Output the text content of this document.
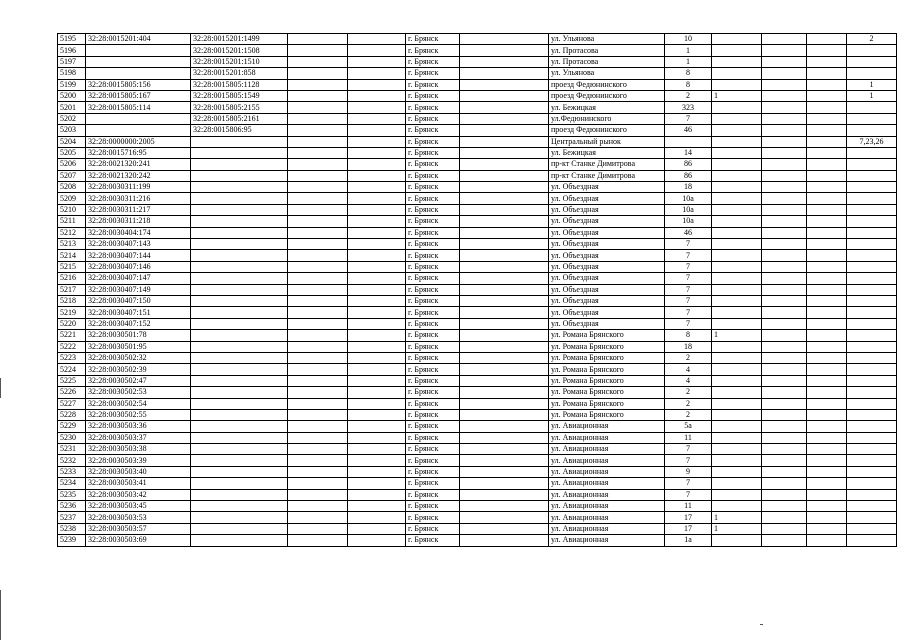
5195	32:28:0015201:404	32:28:0015201:1499			г. Брянск		ул. Ульянова	10				2
5196		32:28:0015201:1508			г. Брянск		ул. Протасова	1				
5197		32:28:0015201:1510			г. Брянск		ул. Протасова	1				
5198		32:28:0015201:858			г. Брянск		ул. Ульянова	8				
5199	32:28:0015805:156	32:28:0015805:1128			г. Брянск		проезд Федюнинского	8				1
5200	32:28:0015805:167	32:28:0015805:1549			г. Брянск		проезд Федюнинского	2	1			1
5201	32:28:0015805:114	32:28:0015805:2155			г. Брянск		ул. Бежицкая	323				
5202		32:28:0015805:2161			г. Брянск		ул.Федюнинского	7				
5203		32:28:0015806:95			г. Брянск		проезд Федюнинского	46				
5204	32:28:0000000:2005				г. Брянск		Центральный рынок					7,23,26
5205	32:28:0015716:95				г. Брянск		ул. Бежицкая	14				
5206	32:28:0021320:241				г. Брянск		пр-кт Станке Димитрова	86				
5207	32:28:0021320:242				г. Брянск		пр-кт Станке Димитрова	86				
5208	32:28:0030311:199				г. Брянск		ул. Объездная	18				
5209	32:28:0030311:216				г. Брянск		ул. Объездная	10а				
5210	32:28:0030311:217				г. Брянск		ул. Объездная	10а				
5211	32:28:0030311:218				г. Брянск		ул. Объездная	10а				
5212	32:28:0030404:174				г. Брянск		ул. Объездная	46				
5213	32:28:0030407:143				г. Брянск		ул. Объездная	7				
5214	32:28:0030407:144				г. Брянск		ул. Объездная	7				
5215	32:28:0030407:146				г. Брянск		ул. Объездная	7				
5216	32:28:0030407:147				г. Брянск		ул. Объездная	7				
5217	32:28:0030407:149				г. Брянск		ул. Объездная	7				
5218	32:28:0030407:150				г. Брянск		ул. Объездная	7				
5219	32:28:0030407:151				г. Брянск		ул. Объездная	7				
5220	32:28:0030407:152				г. Брянск		ул. Объездная	7				
5221	32:28:0030501:78				г. Брянск		ул. Романа Брянского	8	1			
5222	32:28:0030501:95				г. Брянск		ул. Романа Брянского	18				
5223	32:28:0030502:32				г. Брянск		ул. Романа Брянского	2				
5224	32:28:0030502:39				г. Брянск		ул. Романа Брянского	4				
5225	32:28:0030502:47				г. Брянск		ул. Романа Брянского	4				
5226	32:28:0030502:53				г. Брянск		ул. Романа Брянского	2				
5227	32:28:0030502:54				г. Брянск		ул. Романа Брянского	2				
5228	32:28:0030502:55				г. Брянск		ул. Романа Брянского	2				
5229	32:28:0030503:36				г. Брянск		ул. Авиационная	5а				
5230	32:28:0030503:37				г. Брянск		ул. Авиационная	11				
5231	32:28:0030503:38				г. Брянск		ул. Авиационная	7				
5232	32:28:0030503:39				г. Брянск		ул. Авиационная	7				
5233	32:28:0030503:40				г. Брянск		ул. Авиационная	9				
5234	32:28:0030503:41				г. Брянск		ул. Авиационная	7				
5235	32:28:0030503:42				г. Брянск		ул. Авиационная	7				
5236	32:28:0030503:45				г. Брянск		ул. Авиационная	11				
5237	32:28:0030503:53				г. Брянск		ул. Авиационная	17	1			
5238	32:28:0030503:57				г. Брянск		ул. Авиационная	17	1			
5239	32:28:0030503:69				г. Брянск		ул. Авиационная	1а				
